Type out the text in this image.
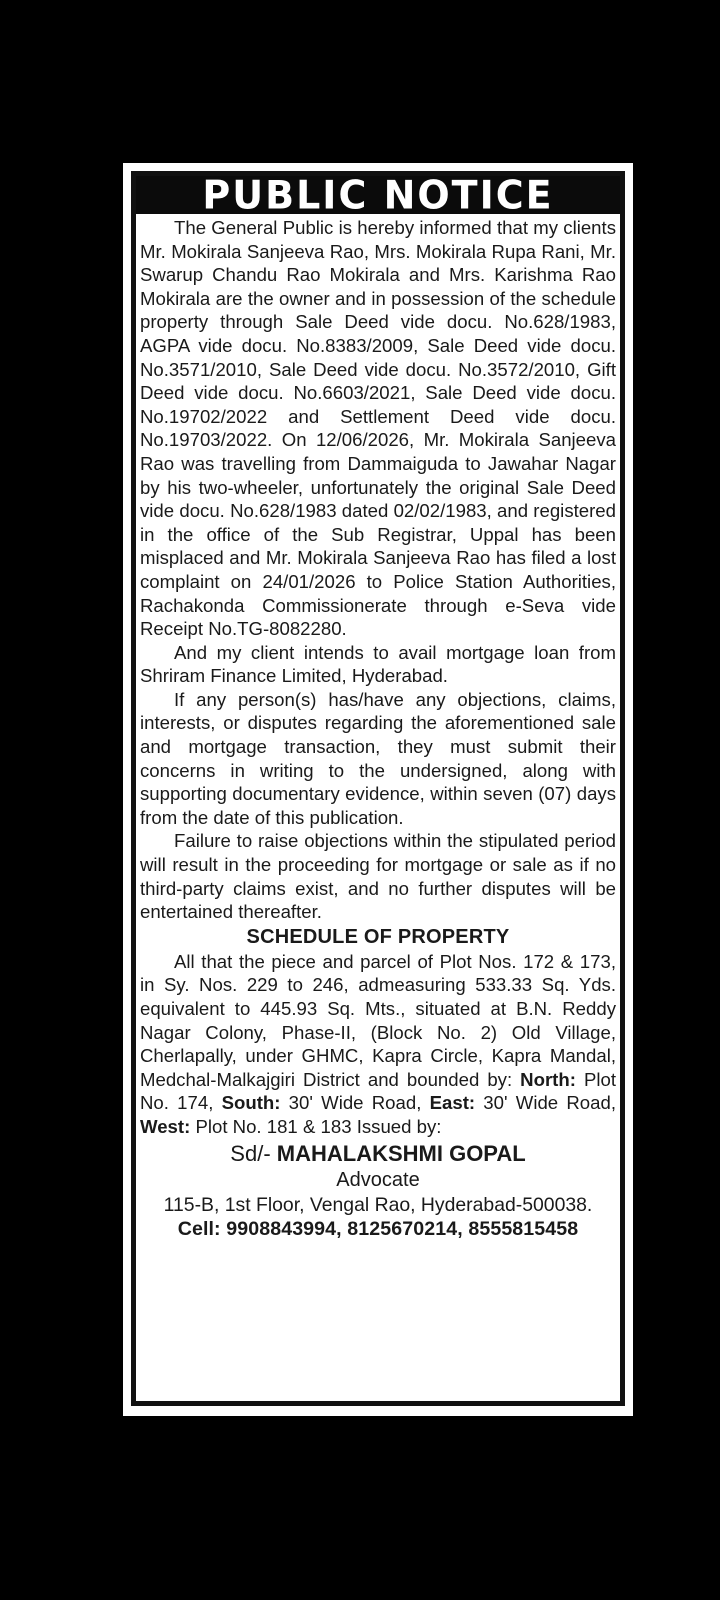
PUBLIC NOTICE

The General Public is hereby informed that my clients Mr. Mokirala Sanjeeva Rao, Mrs. Mokirala Rupa Rani, Mr. Swarup Chandu Rao Mokirala and Mrs. Karishma Rao Mokirala are the owner and in possession of the schedule property through Sale Deed vide docu. No.628/1983, AGPA vide docu. No.8383/2009, Sale Deed vide docu. No.3571/2010, Sale Deed vide docu. No.3572/2010, Gift Deed vide docu. No.6603/2021, Sale Deed vide docu. No.19702/2022 and Settlement Deed vide docu. No.19703/2022. On 12/06/2026, Mr. Mokirala Sanjeeva Rao was travelling from Dammaiguda to Jawahar Nagar by his two-wheeler, unfortunately the original Sale Deed vide docu. No.628/1983 dated 02/02/1983, and registered in the office of the Sub Registrar, Uppal has been misplaced and Mr. Mokirala Sanjeeva Rao has filed a lost complaint on 24/01/2026 to Police Station Authorities, Rachakonda Commissionerate through e-Seva vide Receipt No.TG-8082280.

And my client intends to avail mortgage loan from Shriram Finance Limited, Hyderabad.

If any person(s) has/have any objections, claims, interests, or disputes regarding the aforementioned sale and mortgage transaction, they must submit their concerns in writing to the undersigned, along with supporting documentary evidence, within seven (07) days from the date of this publication.

Failure to raise objections within the stipulated period will result in the proceeding for mortgage or sale as if no third-party claims exist, and no further disputes will be entertained thereafter.

SCHEDULE OF PROPERTY

All that the piece and parcel of Plot Nos. 172 & 173, in Sy. Nos. 229 to 246, admeasuring 533.33 Sq. Yds. equivalent to 445.93 Sq. Mts., situated at B.N. Reddy Nagar Colony, Phase-II, (Block No. 2) Old Village, Cherlapally, under GHMC, Kapra Circle, Kapra Mandal, Medchal-Malkajgiri District and bounded by: North: Plot No. 174, South: 30' Wide Road, East: 30' Wide Road, West: Plot No. 181 & 183 Issued by:

Sd/- MAHALAKSHMI GOPAL
Advocate
115-B, 1st Floor, Vengal Rao, Hyderabad-500038.
Cell: 9908843994, 8125670214, 8555815458
